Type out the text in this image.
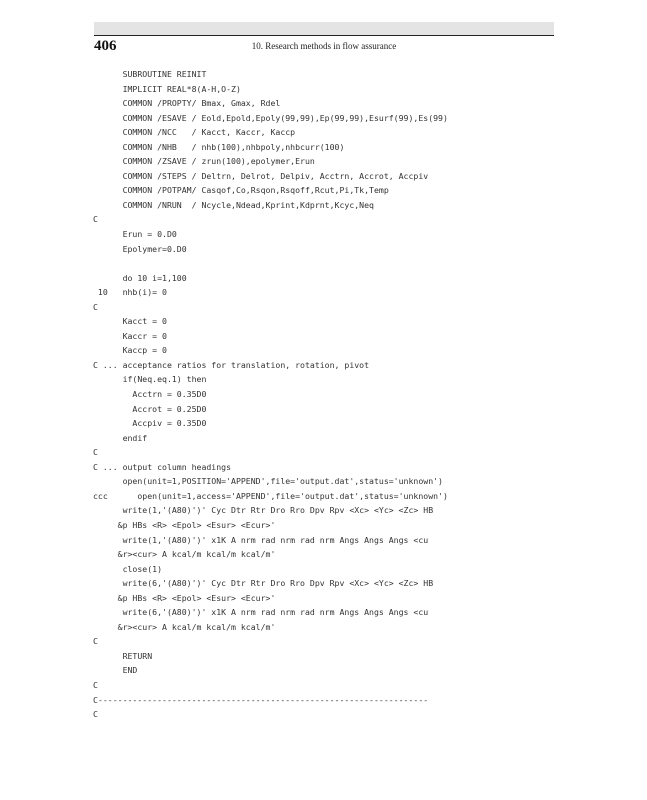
406	10. Research methods in flow assurance
SUBROUTINE REINIT
IMPLICIT REAL*8(A-H,O-Z)
COMMON /PROPTY/ Bmax, Gmax, Rdel
COMMON /ESAVE / Eold,Epold,Epoly(99,99),Ep(99,99),Esurf(99),Es(99)
COMMON /NCC   / Kacct, Kaccr, Kaccp
COMMON /NHB   / nhb(100),nhbpoly,nhbcurr(100)
COMMON /ZSAVE / zrun(100),epolymer,Erun
COMMON /STEPS / Deltrn, Delrot, Delpiv, Acctrn, Accrot, Accpiv
COMMON /POTPAM/ Casqof,Co,Rsqon,Rsqoff,Rcut,Pi,Tk,Temp
COMMON /NRUN  / Ncycle,Ndead,Kprint,Kdprnt,Kcyc,Neq
C
Erun = 0.D0
Epolymer=0.D0
do 10 i=1,100
10   nhb(i)= 0
C
Kacct = 0
Kaccr = 0
Kaccp = 0
C ... acceptance ratios for translation, rotation, pivot
if(Neq.eq.1) then
Acctrn = 0.35D0
Accrot = 0.25D0
Accpiv = 0.35D0
endif
C
C ... output column headings
open(unit=1,POSITION='APPEND',file='output.dat',status='unknown')
ccc      open(unit=1,access='APPEND',file='output.dat',status='unknown')
write(1,'(A80)')' Cyc Dtr Rtr Dro Rro Dpv Rpv <Xc> <Yc> <Zc> HB
&p HBs <R> <Epol> <Esur> <Ecur>'
write(1,'(A80)')' x1K A nrm rad nrm rad nrm Angs Angs Angs <cu
&r><cur> A kcal/m kcal/m kcal/m'
close(1)
write(6,'(A80)')' Cyc Dtr Rtr Dro Rro Dpv Rpv <Xc> <Yc> <Zc> HB
&p HBs <R> <Epol> <Esur> <Ecur>'
write(6,'(A80)')' x1K A nrm rad nrm rad nrm Angs Angs Angs <cu
&r><cur> A kcal/m kcal/m kcal/m'
C
RETURN
END
C
C-------------------------------------------------------------------
C
